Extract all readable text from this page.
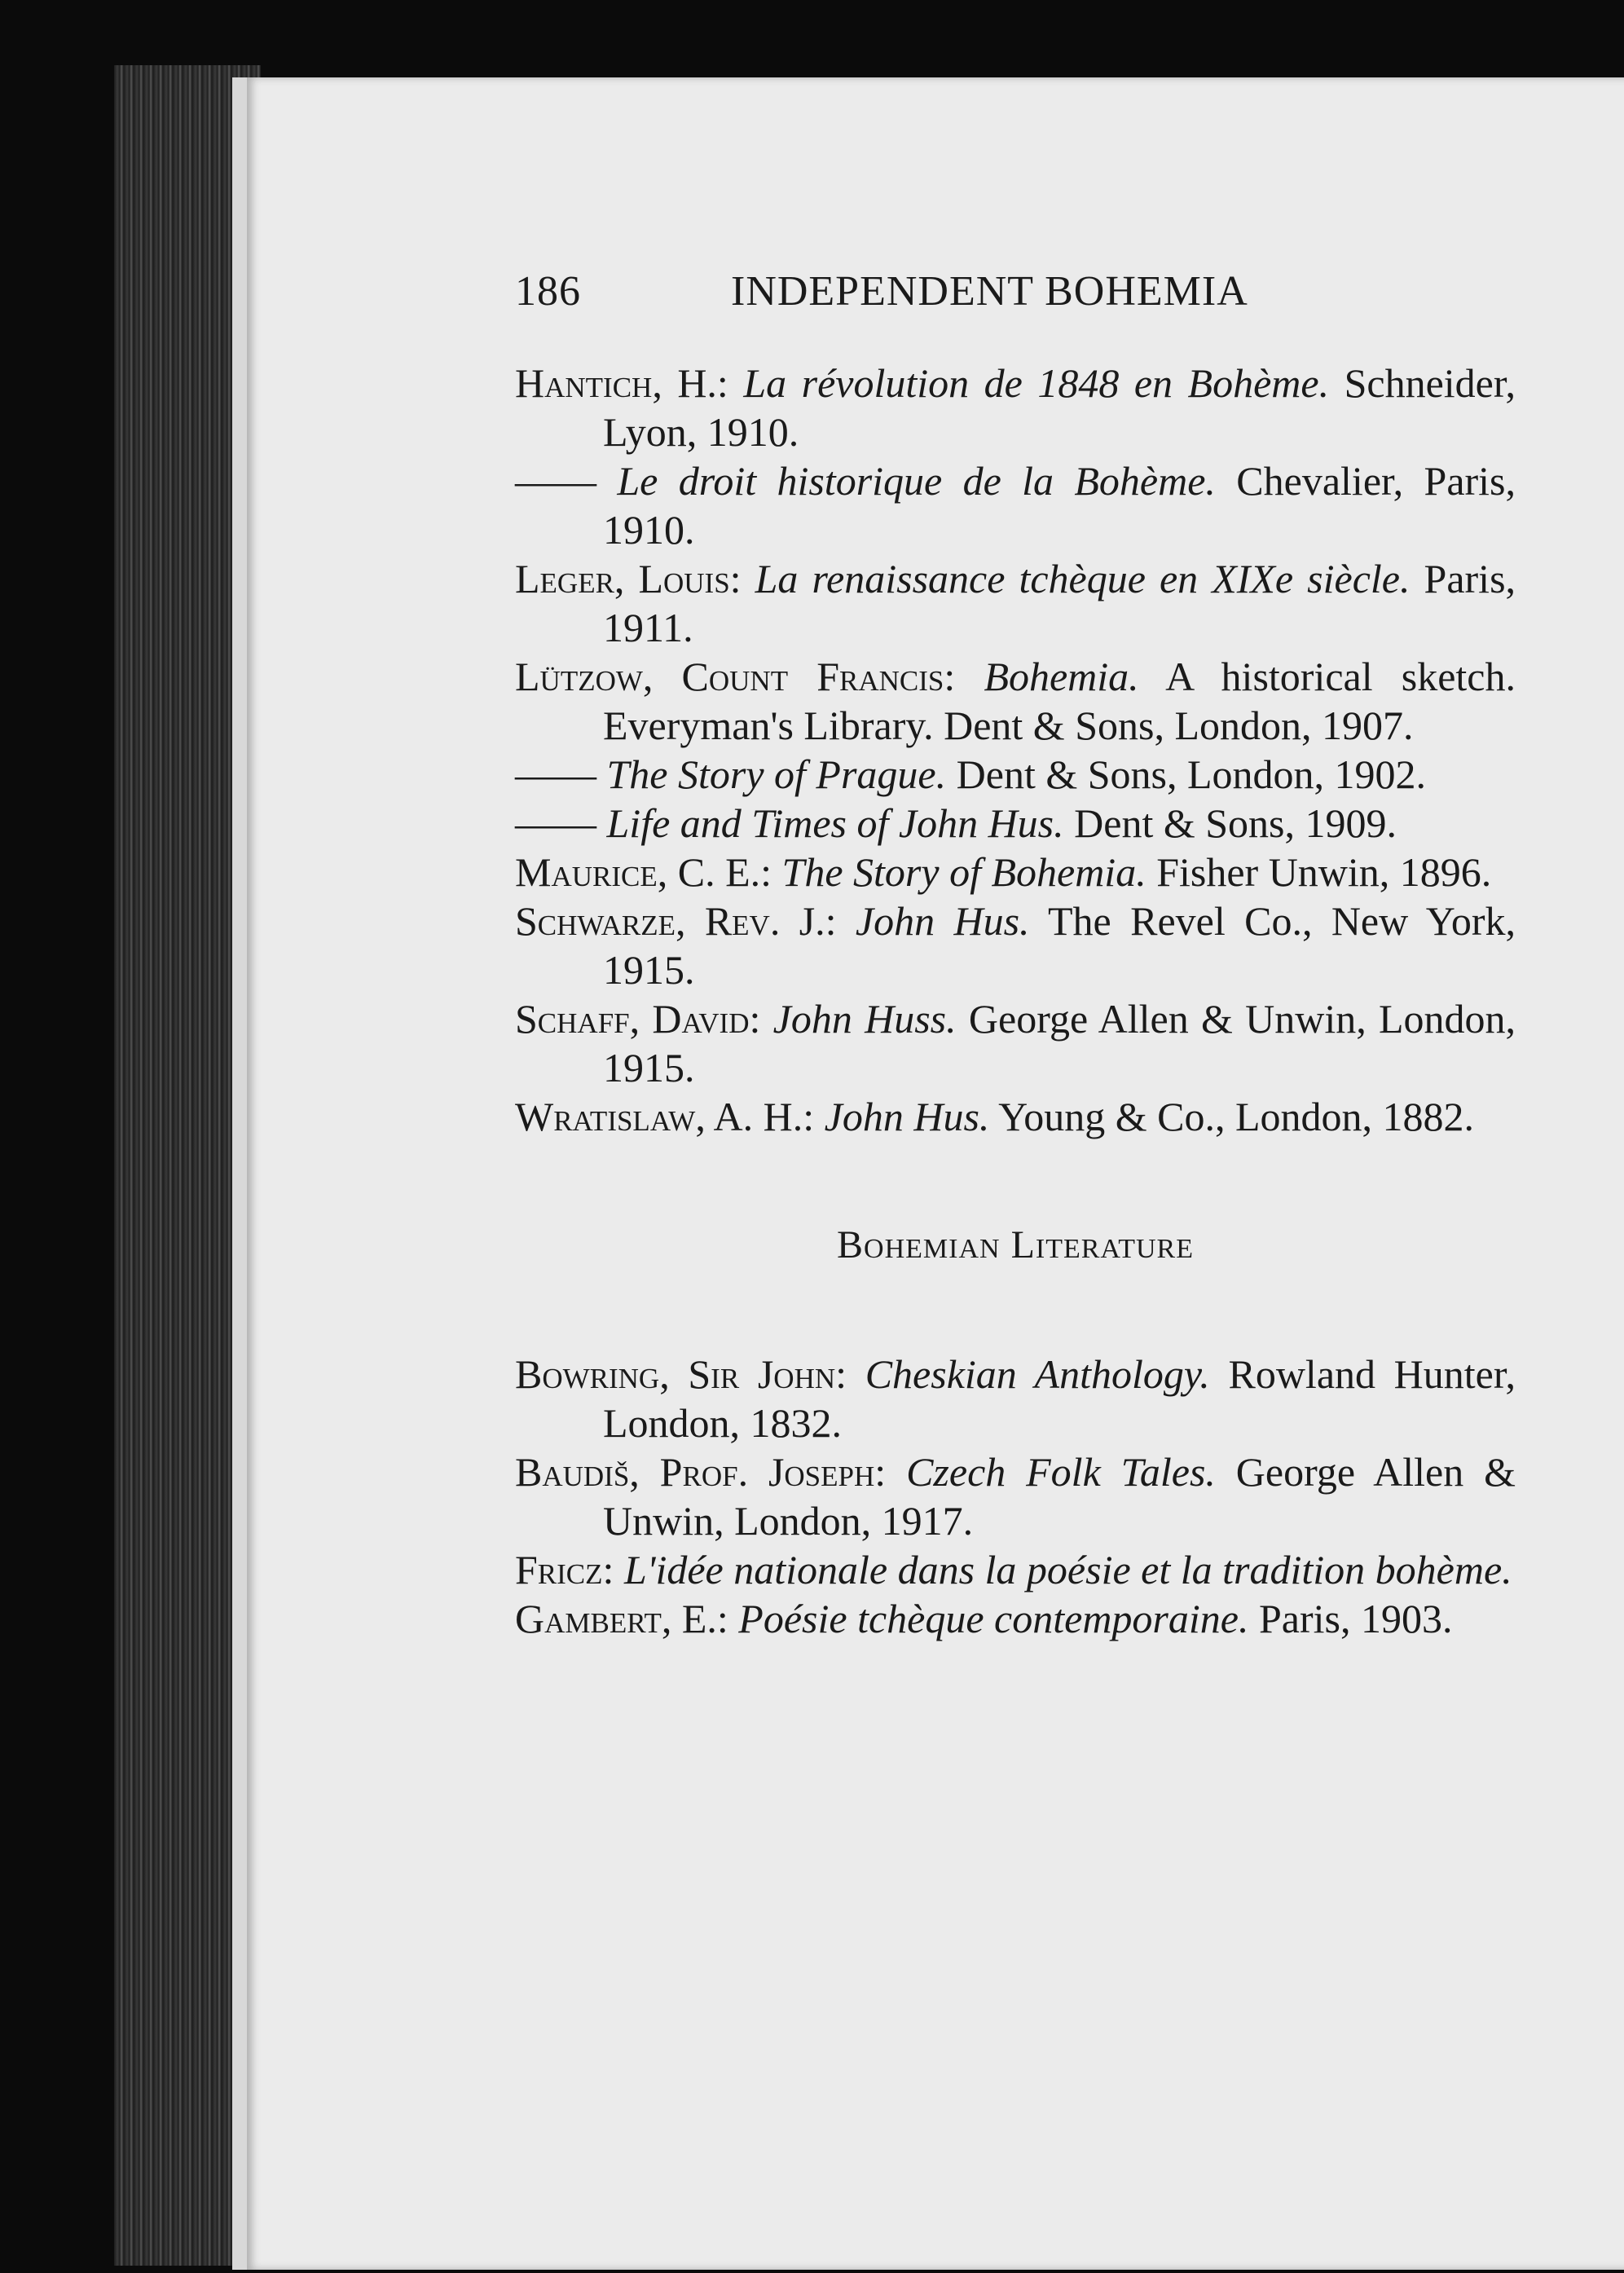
186	INDEPENDENT BOHEMIA

Hantich, H.: La révolution de 1848 en Bohème. Schneider, Lyon, 1910.

—— Le droit historique de la Bohème. Chevalier, Paris, 1910.

Leger, Louis: La renaissance tchèque en XIXe siècle. Paris, 1911.

Lützow, Count Francis: Bohemia. A historical sketch. Everyman's Library. Dent & Sons, London, 1907.

—— The Story of Prague. Dent & Sons, London, 1902.

—— Life and Times of John Hus. Dent & Sons, 1909.

Maurice, C. E.: The Story of Bohemia. Fisher Unwin, 1896.

Schwarze, Rev. J.: John Hus. The Revel Co., New York, 1915.

Schaff, David: John Huss. George Allen & Unwin, London, 1915.

Wratislaw, A. H.: John Hus. Young & Co., London, 1882.

Bohemian Literature

Bowring, Sir John: Cheskian Anthology. Rowland Hunter, London, 1832.

Baudiš, Prof. Joseph: Czech Folk Tales. George Allen & Unwin, London, 1917.

Fricz: L'idée nationale dans la poésie et la tradition bohème.

Gambert, E.: Poésie tchèque contemporaine. Paris, 1903.
